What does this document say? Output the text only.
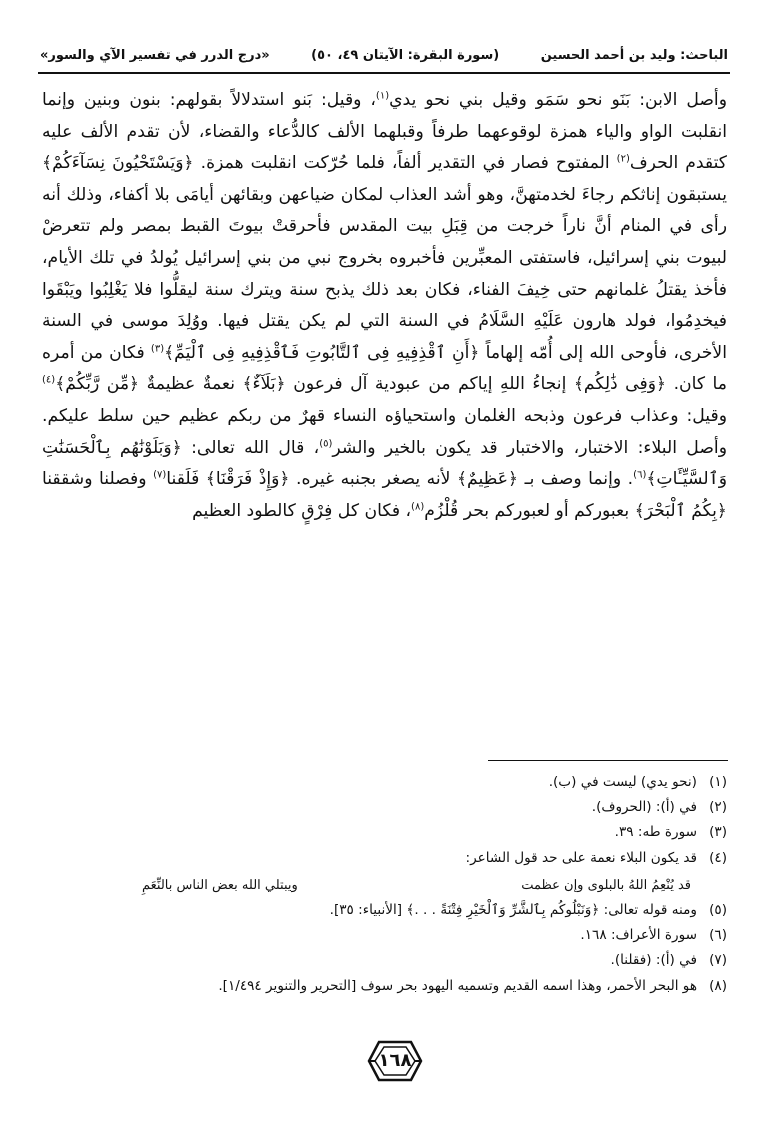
الباحث: وليد بن أحمد الحسين
(سورة البقرة: الآيتان ٤٩، ٥٠)
«درج الدرر في تفسير الآي والسور»

وأصل الابن: بَنَو نحو سَمَو وقيل بني نحو يدي$^{(١)}$، وقيل: بَنو استدلالاً بقولهم: بنون وبنين وإنما انقلبت الواو والياء همزة لوقوعهما طرفاً وقبلهما الألف كالدُّعاء والقضاء، لأن تقدم الألف عليه كتقدم الحرف$^{(٢)}$ المفتوح فصار في التقدير ألفاً، فلما حُرّكت انقلبت همزة. ﴿وَيَسْتَحْيُونَ نِسَآءَكُمْ﴾ يستبقون إناثكم رجاءَ لخدمتهنَّ، وهو أشد العذاب لمكان ضياعهن وبقائهن أيامَى بلا أكفاء، وذلك أنه رأى في المنام أنَّ ناراً خرجت من قِبَلِ بيت المقدس فأحرقتْ بيوتَ القبط بمصر ولم تتعرضْ لبيوت بني إسرائيل، فاستفتى المعبِّرين فأخبروه بخروج نبي من بني إسرائيل يُولدُ في تلك الأيام، فأخذ يقتلُ غلمانهم حتى خِيفَ الفناء، فكان بعد ذلك يذبح سنة ويترك سنة ليقلُّوا فلا يَغْلِبُوا ويَبْقَوا فيخدِمُوا، فولد هارون عَلَيْهِ السَّلَامُ في السنة التي لم يكن يقتل فيها. ووُلِدَ موسى في السنة الأخرى، فأوحى الله إلى أُمّه إلهاماً ﴿أَنِ ٱقْذِفِيهِ فِى ٱلتَّابُوتِ فَٱقْذِفِيهِ فِى ٱلْيَمِّ﴾$^{(٣)}$ فكان من أمره ما كان. ﴿وَفِى ذَٰلِكُم﴾ إنجاءُ اللهِ إياكم من عبودية آل فرعون ﴿بَلَآءٌ﴾ نعمةٌ عظيمةٌ ﴿مِّن رَّبِّكُمْ﴾$^{(٤)}$ وقيل: وعذاب فرعون وذبحه الغلمان واستحياؤه النساء قهرٌ من ربكم عظيم حين سلط عليكم. وأصل البلاء: الاختبار، والاختبار قد يكون بالخير والشر$^{(٥)}$، قال الله تعالى: ﴿وَبَلَوْنَٰهُم بِٱلْحَسَنَٰتِ وَٱلسَّيِّـَٔاتِ﴾$^{(٦)}$. وإنما وصف بـ ﴿عَظِيمٌ﴾ لأنه يصغر بجنبه غيره. ﴿وَإِذْ فَرَقْنَا﴾ فَلَقنا$^{(٧)}$ وفصلنا وشققنا ﴿بِكُمُ ٱلْبَحْرَ﴾ بعبوركم أو لعبوركم بحر قُلْزُم$^{(٨)}$، فكان كل فِرْقٍ كالطود العظيم

(١)
(نحو يدي) ليست في (ب).
(٢)
في (أ): (الحروف).
(٣)
سورة طه: ٣٩.
(٤)
قد يكون البلاء نعمة على حد قول الشاعر:
قد يُنْعِمُ اللهُ بالبلوى وإن عظمت
ويبتلي الله بعض الناس بالنِّعَمِ
(٥)
ومنه قوله تعالى: ﴿وَنَبْلُوكُم بِٱلشَّرِّ وَٱلْخَيْرِ فِتْنَةً . . .﴾ [الأنبياء: ٣٥].
(٦)
سورة الأعراف: ١٦٨.
(٧)
في (أ): (فقلنا).
(٨)
هو البحر الأحمر، وهذا اسمه القديم وتسميه اليهود بحر سوف [التحرير والتنوير ١/٤٩٤].
١٦٨
